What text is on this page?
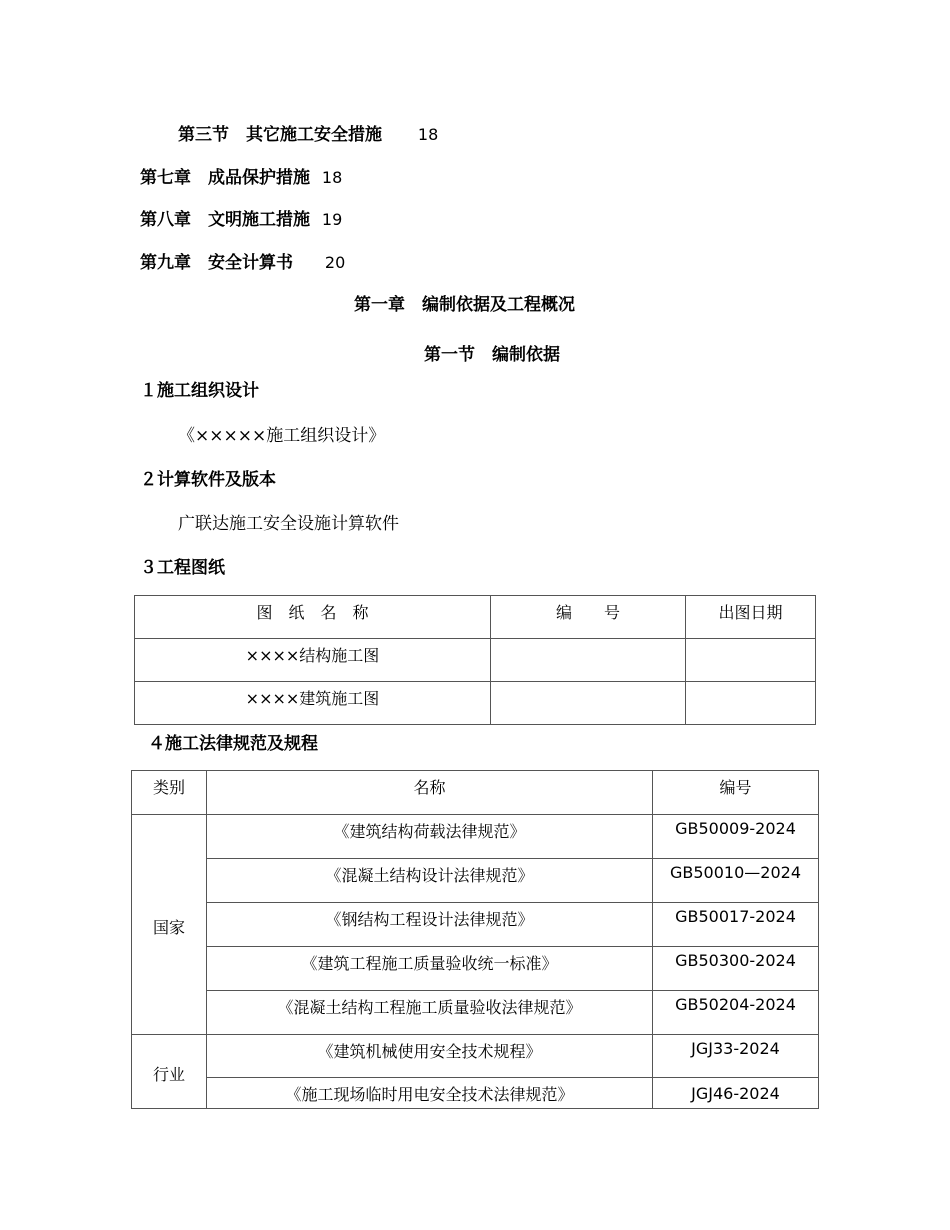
第三节　其它施工安全措施 18
第七章　成品保护措施 18
第八章　文明施工措施 19
第九章　安全计算书 20
第一章　编制依据及工程概况
第一节　编制依据
１施工组织设计
《×××××施工组织设计》
２计算软件及版本
广联达施工安全设施计算软件
３工程图纸
图　纸　名　称	编　　号	出图日期
××××结构施工图		
××××建筑施工图		
４施工法律规范及规程
类别	名称	编号
国家	《建筑结构荷载法律规范》	GB50009-2024
	《混凝土结构设计法律规范》	GB50010—2024
	《钢结构工程设计法律规范》	GB50017-2024
	《建筑工程施工质量验收统一标准》	GB50300-2024
	《混凝土结构工程施工质量验收法律规范》	GB50204-2024
行业	《建筑机械使用安全技术规程》	JGJ33-2024
	《施工现场临时用电安全技术法律规范》	JGJ46-2024
